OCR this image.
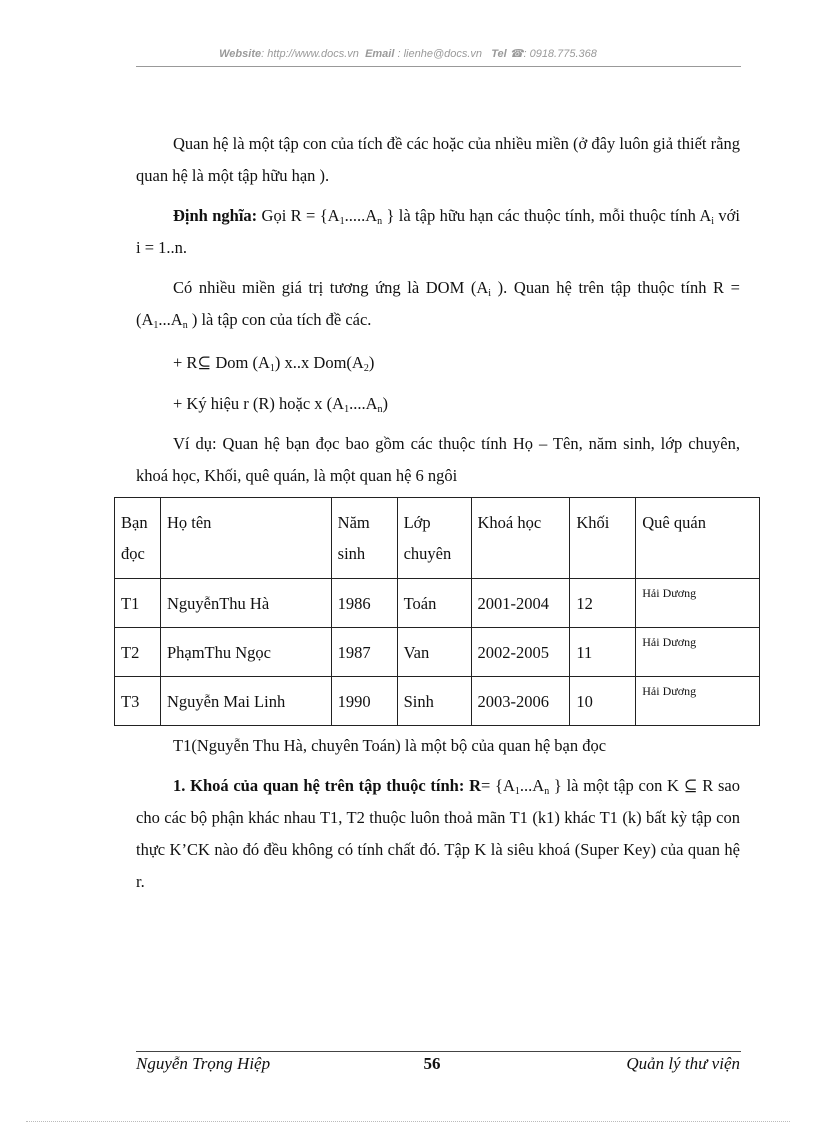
Website: http://www.docs.vn Email : lienhe@docs.vn Tel ☎: 0918.775.368

Quan hệ là một tập con của tích đề các hoặc của nhiều miền (ở đây luôn giả thiết rằng quan hệ là một tập hữu hạn ).

Định nghĩa: Gọi $R = \{A_1.....A_n$ } là tập hữu hạn các thuộc tính, mỗi thuộc tính $A_i$ với i = 1..n.

Có nhiều miền giá trị tương ứng là DOM ($A_i$ ). Quan hệ trên tập thuộc tính $R = (A_1...A_n$ ) là tập con của tích đề các.

+ R⊆ Dom $(A_1)$ x..x $Dom(A_2)$

+ Ký hiệu r (R) hoặc x $(A_1....A_n)$

Ví dụ: Quan hệ bạn đọc bao gồm các thuộc tính Họ – Tên, năm sinh, lớp chuyên, khoá học, Khối, quê quán, là một quan hệ 6 ngôi

Bạn đọc	Họ tên	Năm sinh	Lớp chuyên	Khoá học	Khối	Quê quán
T1	NguyễnThu Hà	1986	Toán	2001-2004	12	Hải Dương
T2	PhạmThu Ngọc	1987	Van	2002-2005	11	Hải Dương
T3	Nguyễn Mai Linh	1990	Sinh	2003-2006	10	Hải Dương

T1(Nguyễn Thu Hà, chuyên Toán) là một bộ của quan hệ bạn đọc

1. Khoá của quan hệ trên tập thuộc tính: $R= \{A_1...A_n$ } là một tập con K ⊆ R sao cho các bộ phận khác nhau T1, T2 thuộc luôn thoả mãn T1 (k1) khác T1 (k) bất kỳ tập con thực K’CK nào đó đều không có tính chất đó. Tập K là siêu khoá (Super Key) của quan hệ r.

Nguyễn Trọng Hiệp	56	Quản lý thư viện
